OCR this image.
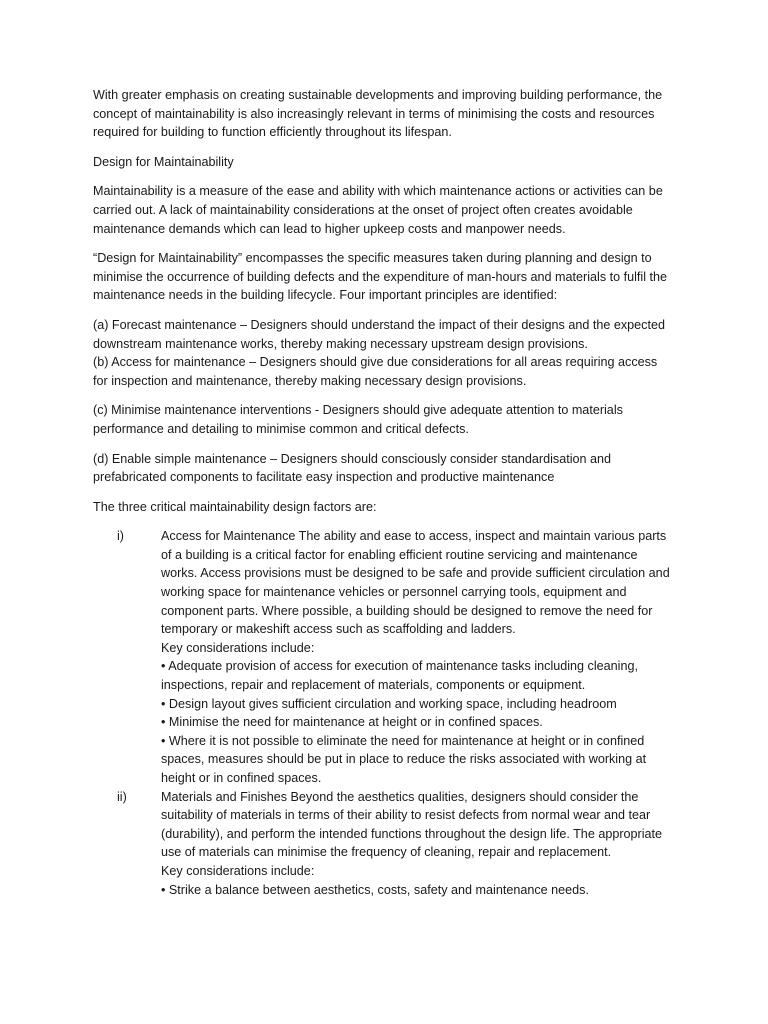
With greater emphasis on creating sustainable developments and improving building performance, the concept of maintainability is also increasingly relevant in terms of minimising the costs and resources required for building to function efficiently throughout its lifespan.

Design for Maintainability

Maintainability is a measure of the ease and ability with which maintenance actions or activities can be carried out. A lack of maintainability considerations at the onset of project often creates avoidable maintenance demands which can lead to higher upkeep costs and manpower needs.

“Design for Maintainability” encompasses the specific measures taken during planning and design to minimise the occurrence of building defects and the expenditure of man-hours and materials to fulfil the maintenance needs in the building lifecycle. Four important principles are identified:

(a) Forecast maintenance – Designers should understand the impact of their designs and the expected downstream maintenance works, thereby making necessary upstream design provisions.

(b) Access for maintenance – Designers should give due considerations for all areas requiring access for inspection and maintenance, thereby making necessary design provisions.

(c) Minimise maintenance interventions - Designers should give adequate attention to materials performance and detailing to minimise common and critical defects.

(d) Enable simple maintenance – Designers should consciously consider standardisation and prefabricated components to facilitate easy inspection and productive maintenance

The three critical maintainability design factors are:

i)	Access for Maintenance The ability and ease to access, inspect and maintain various parts of a building is a critical factor for enabling efficient routine servicing and maintenance works. Access provisions must be designed to be safe and provide sufficient circulation and working space for maintenance vehicles or personnel carrying tools, equipment and component parts. Where possible, a building should be designed to remove the need for temporary or makeshift access such as scaffolding and ladders.
Key considerations include:
• Adequate provision of access for execution of maintenance tasks including cleaning, inspections, repair and replacement of materials, components or equipment.
• Design layout gives sufficient circulation and working space, including headroom
• Minimise the need for maintenance at height or in confined spaces.
• Where it is not possible to eliminate the need for maintenance at height or in confined spaces, measures should be put in place to reduce the risks associated with working at height or in confined spaces.
ii)	Materials and Finishes Beyond the aesthetics qualities, designers should consider the suitability of materials in terms of their ability to resist defects from normal wear and tear (durability), and perform the intended functions throughout the design life. The appropriate use of materials can minimise the frequency of cleaning, repair and replacement.
Key considerations include:
• Strike a balance between aesthetics, costs, safety and maintenance needs.
